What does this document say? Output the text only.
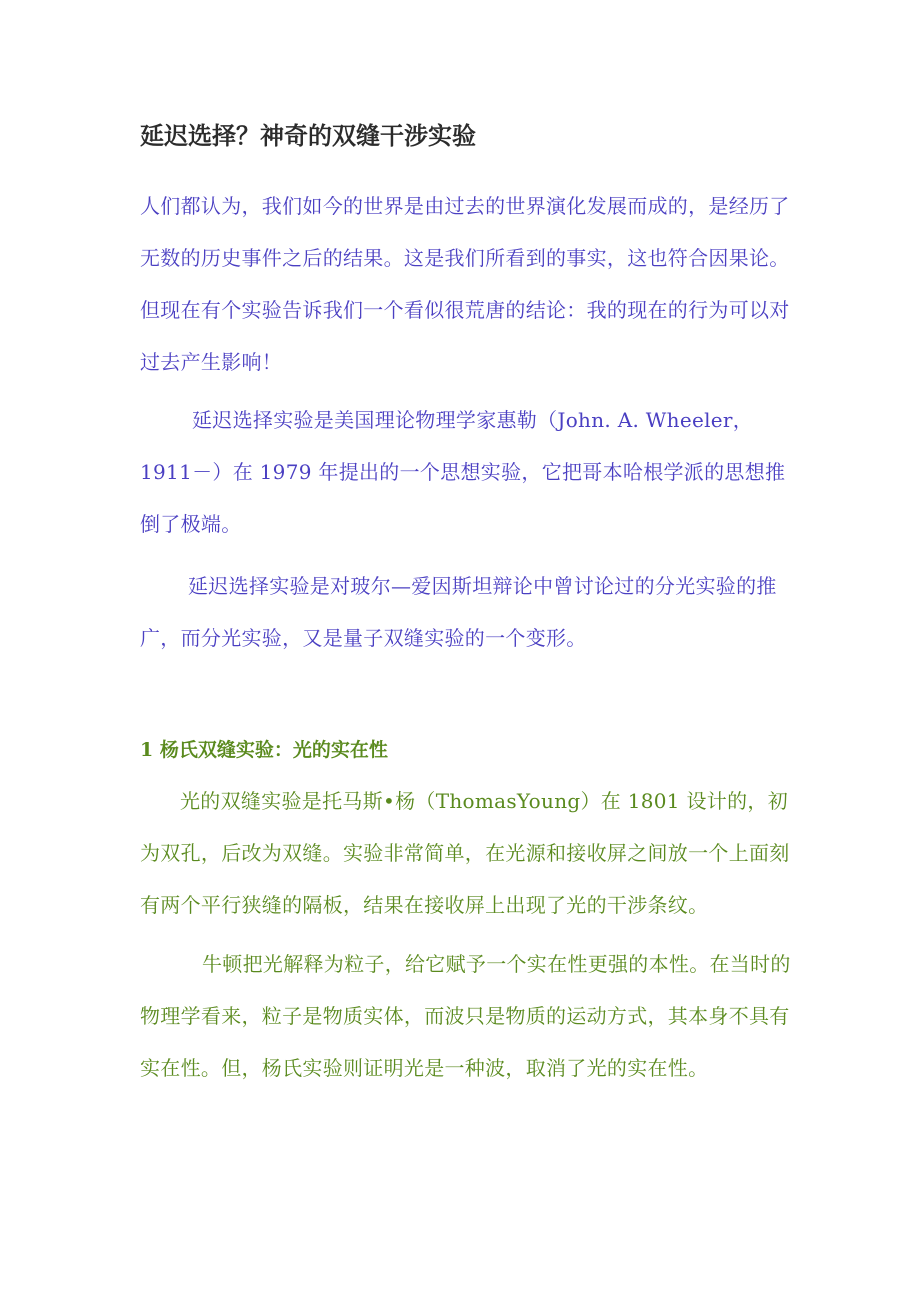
延迟选择？神奇的双缝干涉实验

人们都认为，我们如今的世界是由过去的世界演化发展而成的，是经历了无数的历史事件之后的结果。这是我们所看到的事实，这也符合因果论。但现在有个实验告诉我们一个看似很荒唐的结论：我的现在的行为可以对过去产生影响！

延迟选择实验是美国理论物理学家惠勒（John. A. Wheeler，1911－）在 1979 年提出的一个思想实验，它把哥本哈根学派的思想推倒了极端。

延迟选择实验是对玻尔—爱因斯坦辩论中曾讨论过的分光实验的推广，而分光实验，又是量子双缝实验的一个变形。

1 杨氏双缝实验：光的实在性

光的双缝实验是托马斯•杨（ThomasYoung）在 1801 设计的，初为双孔，后改为双缝。实验非常简单，在光源和接收屏之间放一个上面刻有两个平行狭缝的隔板，结果在接收屏上出现了光的干涉条纹。

牛顿把光解释为粒子，给它赋予一个实在性更强的本性。在当时的物理学看来，粒子是物质实体，而波只是物质的运动方式，其本身不具有实在性。但，杨氏实验则证明光是一种波，取消了光的实在性。
